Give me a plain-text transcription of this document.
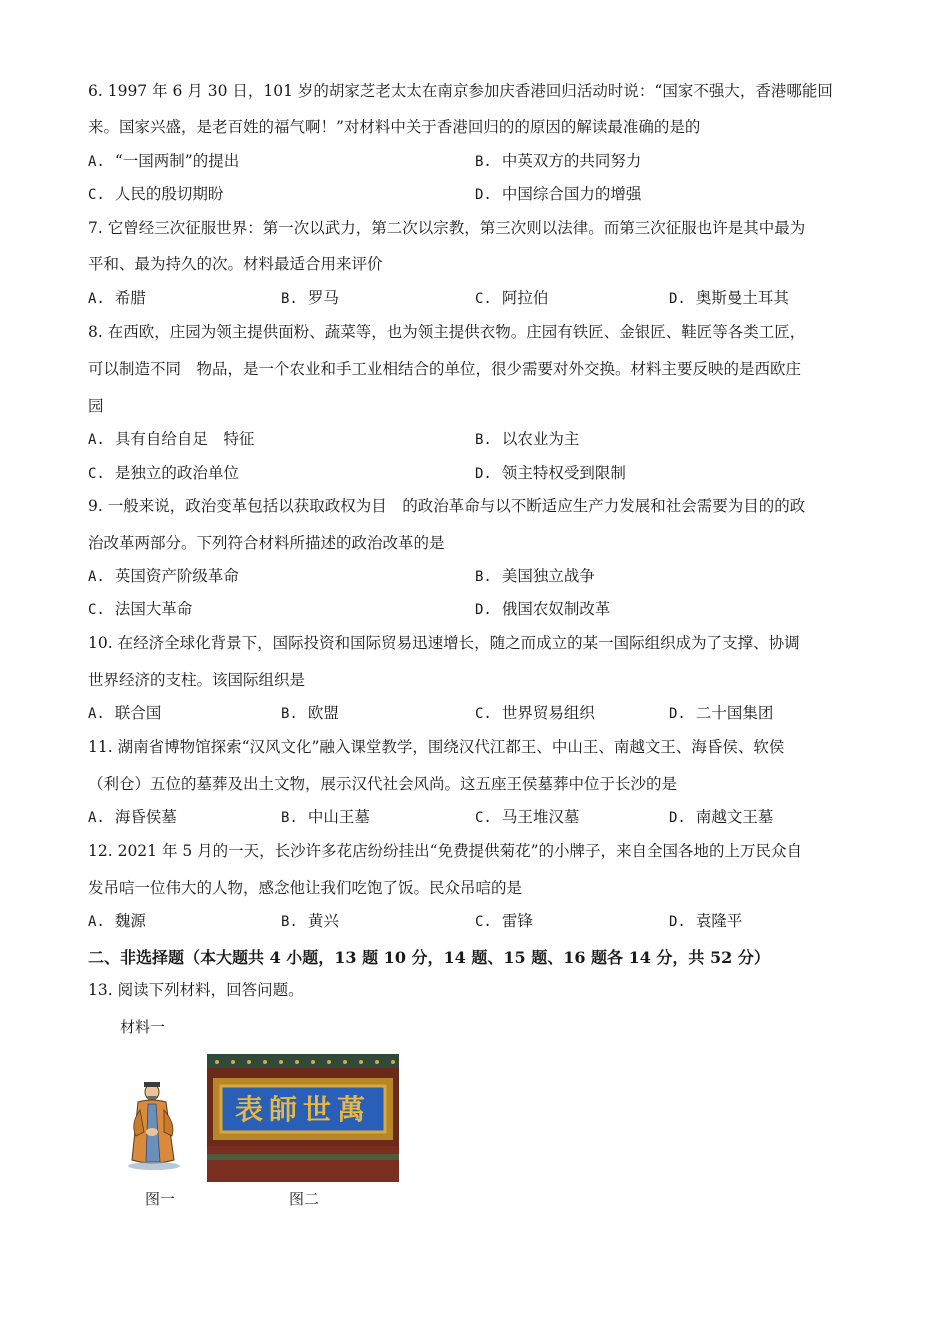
6. 1997 年 6 月 30 日，101 岁的胡家芝老太太在南京参加庆香港回归活动时说：“国家不强大，香港哪能回
来。国家兴盛，是老百姓的福气啊！”对材料中关于香港回归的的原因的解读最准确的是的
A. “一国两制”的提出	B. 中英双方的共同努力
C. 人民的殷切期盼	D. 中国综合国力的增强
7. 它曾经三次征服世界：第一次以武力，第二次以宗教，第三次则以法律。而第三次征服也许是其中最为
平和、最为持久的次。材料最适合用来评价
A. 希腊	B. 罗马	C. 阿拉伯	D. 奥斯曼土耳其
8. 在西欧，庄园为领主提供面粉、蔬菜等，也为领主提供衣物。庄园有铁匠、金银匠、鞋匠等各类工匠，
可以制造不同　物品，是一个农业和手工业相结合的单位，很少需要对外交换。材料主要反映的是西欧庄
园
A. 具有自给自足　特征	B. 以农业为主
C. 是独立的政治单位	D. 领主特权受到限制
9. 一般来说，政治变革包括以获取政权为目　的政治革命与以不断适应生产力发展和社会需要为目的的政
治改革两部分。下列符合材料所描述的政治改革的是
A. 英国资产阶级革命	B. 美国独立战争
C. 法国大革命	D. 俄国农奴制改革
10. 在经济全球化背景下，国际投资和国际贸易迅速增长，随之而成立的某一国际组织成为了支撑、协调
世界经济的支柱。该国际组织是
A. 联合国	B. 欧盟	C. 世界贸易组织	D. 二十国集团
11. 湖南省博物馆探索“汉风文化”融入课堂教学，围绕汉代江都王、中山王、南越文王、海昏侯、软侯
（利仓）五位的墓葬及出土文物，展示汉代社会风尚。这五座王侯墓葬中位于长沙的是
A. 海昏侯墓	B. 中山王墓	C. 马王堆汉墓	D. 南越文王墓
12. 2021 年 5 月的一天，长沙许多花店纷纷挂出“免费提供菊花”的小牌子，来自全国各地的上万民众自
发吊唁一位伟大的人物，感念他让我们吃饱了饭。民众吊唁的是
A. 魏源	B. 黄兴	C. 雷锋	D. 袁隆平
二、非选择题（本大题共 4 小题，13 题 10 分，14 题、15 题、16 题各 14 分，共 52 分）
13. 阅读下列材料，回答问题。
材料一
萬世師表
图一	图二
